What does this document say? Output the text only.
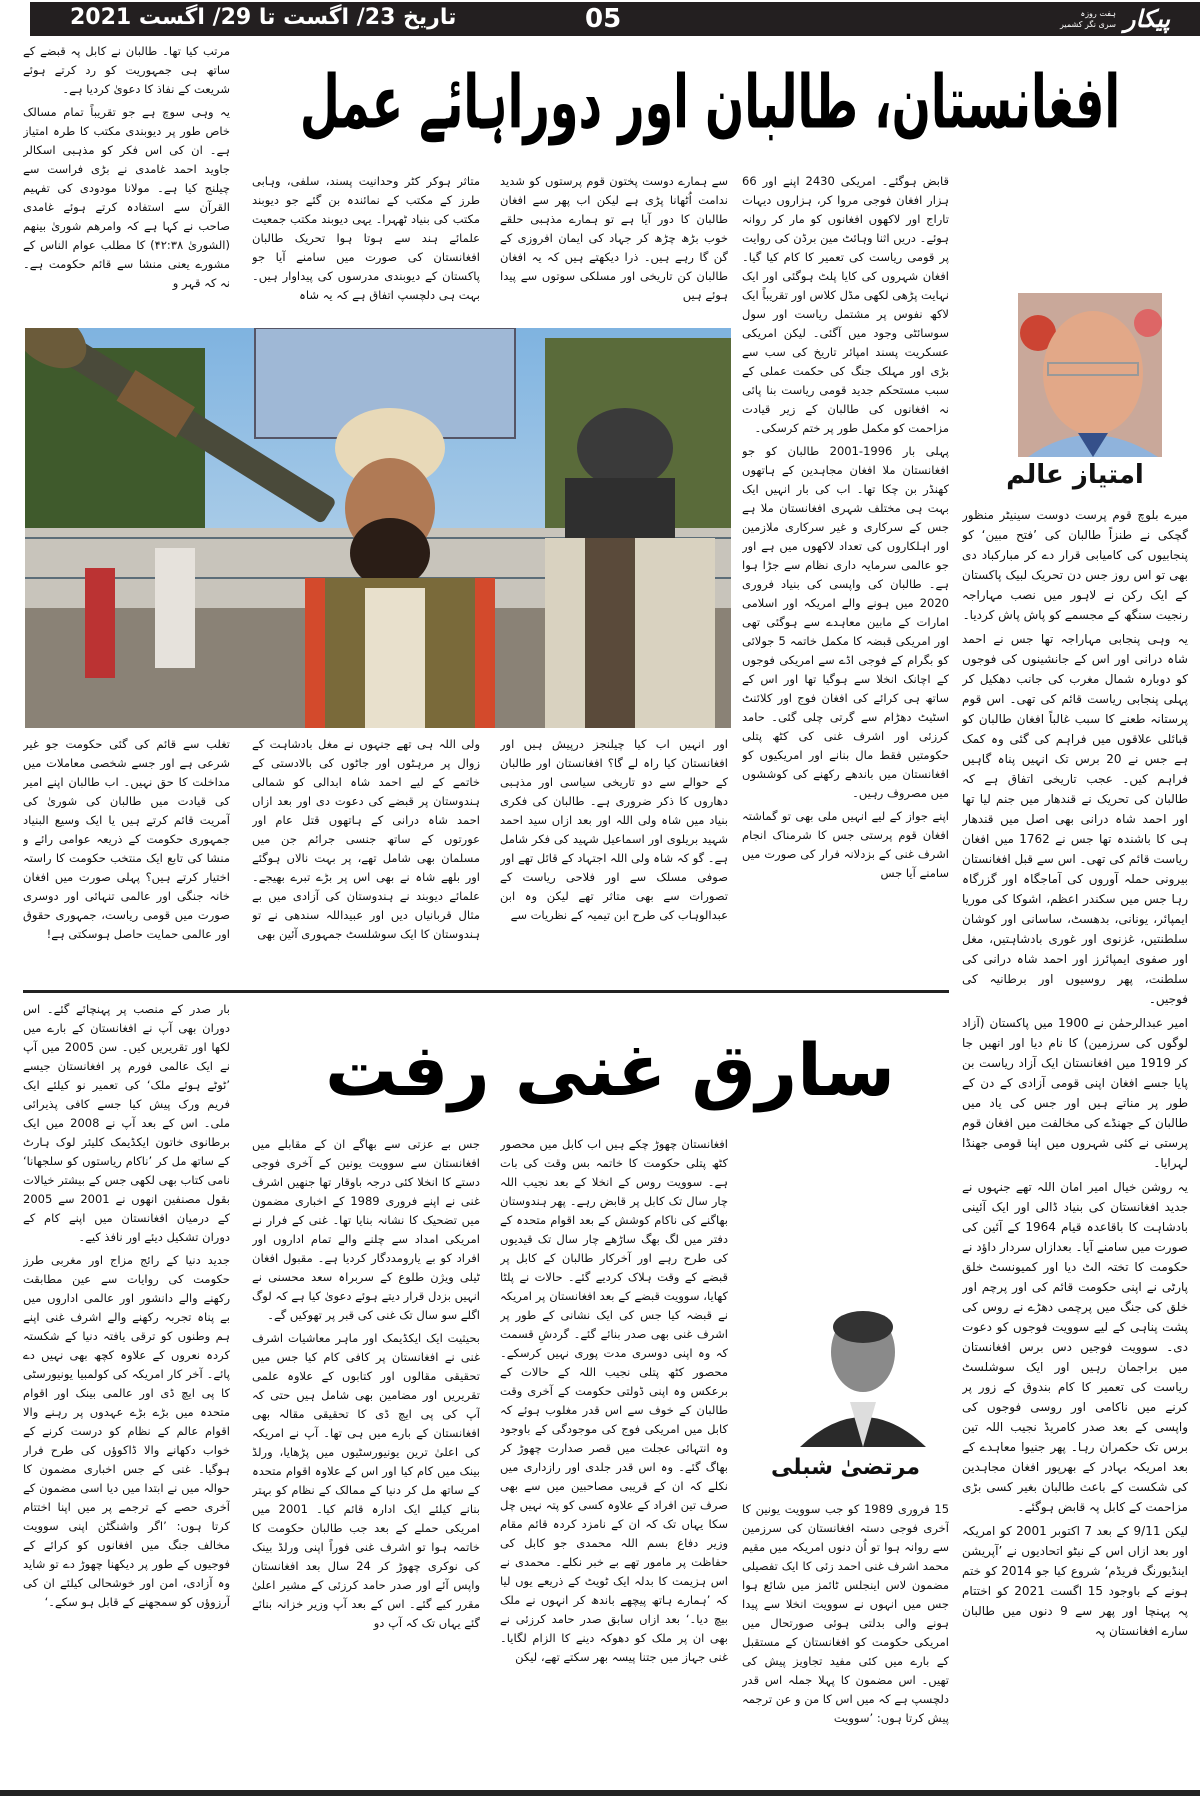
تاریخ 23/ اگست تا 29/ اگست 2021	05	پیکار
ہفت روزہ
سری نگر کشمیر
افغانستان، طالبان اور دوراہائے عمل

مرتب کیا تھا۔ طالبان نے کابل پہ قبضے کے ساتھ ہی جمہوریت کو رد کرتے ہوئے شریعت کے نفاذ کا دعویٰ کردیا ہے۔

یہ وہی سوچ ہے جو تقریباً تمام مسالک خاص طور پر دیوبندی مکتب کا طرہ امتیاز ہے۔ ان کی اس فکر کو مذہبی اسکالر جاوید احمد غامدی نے بڑی فراست سے چیلنج کیا ہے۔ مولانا مودودی کی تفہیم القرآن سے استفادہ کرتے ہوئے غامدی صاحب نے کہا ہے کہ وامرھم شوریٰ بینھم (الشوریٰ ۴۲:۳۸) کا مطلب عوام الناس کے مشورے یعنی منشا سے قائم حکومت ہے۔ نہ کہ قہر و

متاثر ہوکر کٹر وحدانیت پسند، سلفی، وہابی طرز کے مکتب کے نمائندہ بن گئے جو دیوبند مکتب کی بنیاد ٹھہرا۔ یہی دیوبند مکتب جمعیت علمائے ہند سے ہوتا ہوا تحریک طالبان افغانستان کی صورت میں سامنے آیا جو پاکستان کے دیوبندی مدرسوں کی پیداوار ہیں۔ بہت ہی دلچسپ اتفاق ہے کہ یہ شاہ

سے ہمارے دوست پختون قوم پرستوں کو شدید ندامت اُٹھانا پڑی ہے لیکن اب پھر سے افغان طالبان کا دور آیا ہے تو ہمارے مذہبی حلقے خوب بڑھ چڑھ کر جہاد کی ایمان افروزی کے گن گا رہے ہیں۔ ذرا دیکھتے ہیں کہ یہ افغان طالبان کن تاریخی اور مسلکی سوتوں سے پیدا ہوئے ہیں

قابض ہوگئے۔ امریکی 2430 اپنے اور 66 ہزار افغان فوجی مروا کر، ہزاروں دیہات تاراج اور لاکھوں افغانوں کو مار کر روانہ ہوئے۔ دریں اثنا وہائٹ مین برڈن کی روایت پر قومی ریاست کی تعمیر کا کام کیا گیا۔ افغان شہروں کی کایا پلٹ ہوگئی اور ایک نہایت پڑھی لکھی مڈل کلاس اور تقریباً ایک لاکھ نفوس پر مشتمل ریاست اور سول سوسائٹی وجود میں آگئی۔ لیکن امریکی عسکریت پسند امپائر تاریخ کی سب سے بڑی اور مہلک جنگ کی حکمت عملی کے سبب مستحکم جدید قومی ریاست بنا پائی نہ افغانوں کی طالبان کے زیر قیادت مزاحمت کو مکمل طور پر ختم کرسکی۔

پہلی بار 1996-2001 طالبان کو جو افغانستان ملا افغان مجاہدین کے ہاتھوں کھنڈر بن چکا تھا۔ اب کی بار انہیں ایک بہت ہی مختلف شہری افغانستان ملا ہے جس کے سرکاری و غیر سرکاری ملازمین اور اہلکاروں کی تعداد لاکھوں میں ہے اور جو عالمی سرمایہ داری نظام سے جڑا ہوا ہے۔ طالبان کی واپسی کی بنیاد فروری 2020 میں ہونے والے امریکہ اور اسلامی امارات کے مابین معاہدے سے ہوگئی تھی اور امریکی قبضہ کا مکمل خاتمہ 5 جولائی کو بگرام کے فوجی اڈے سے امریکی فوجوں کے اچانک انخلا سے ہوگیا تھا اور اس کے ساتھ ہی کرائے کی افغان فوج اور کلائنٹ اسٹیٹ دھڑام سے گرتی چلی گئی۔ حامد کرزئی اور اشرف غنی کی کٹھ پتلی حکومتیں فقط مال بنانے اور امریکیوں کو افغانستان میں باندھے رکھنے کی کوششوں میں مصروف رہیں۔

اپنے جواز کے لیے انہیں ملی بھی تو گماشتہ افغان قوم پرستی جس کا شرمناک انجام اشرف غنی کے بزدلانہ فرار کی صورت میں سامنے آیا جس

تغلب سے قائم کی گئی حکومت جو غیر شرعی ہے اور جسے شخصی معاملات میں مداخلت کا حق نہیں۔ اب طالبان اپنے امیر کی قیادت میں طالبان کی شوریٰ کی آمریت قائم کرتے ہیں یا ایک وسیع البنیاد جمہوری حکومت کے ذریعہ عوامی رائے و منشا کی تابع ایک منتخب حکومت کا راستہ اختیار کرتے ہیں؟ پہلی صورت میں افغان خانہ جنگی اور عالمی تنہائی اور دوسری صورت میں قومی ریاست، جمہوری حقوق اور عالمی حمایت حاصل ہوسکتی ہے!

ولی اللہ ہی تھے جنہوں نے مغل بادشاہت کے زوال پر مرہٹوں اور جاٹوں کی بالادستی کے خاتمے کے لیے احمد شاہ ابدالی کو شمالی ہندوستان پر قبضے کی دعوت دی اور بعد ازاں احمد شاہ درانی کے ہاتھوں قتل عام اور عورتوں کے ساتھ جنسی جرائم جن میں مسلمان بھی شامل تھے، پر بہت نالاں ہوگئے اور بلھے شاہ نے بھی اس پر بڑے تبرے بھیجے۔ علمائے دیوبند نے ہندوستان کی آزادی میں بے مثال قربانیاں دیں اور عبیداللہ سندھی نے تو ہندوستان کا ایک سوشلسٹ جمہوری آئین بھی

اور انہیں اب کیا چیلنجز درپیش ہیں اور افغانستان کیا راہ لے گا؟ افغانستان اور طالبان کے حوالے سے دو تاریخی سیاسی اور مذہبی دھاروں کا ذکر ضروری ہے۔ طالبان کی فکری بنیاد میں شاہ ولی اللہ اور بعد ازاں سید احمد شہید بریلوی اور اسماعیل شہید کی فکر شامل ہے۔ گو کہ شاہ ولی اللہ اجتہاد کے قائل تھے اور صوفی مسلک سے اور فلاحی ریاست کے تصورات سے بھی متاثر تھے لیکن وہ ابن عبدالوہاب کی طرح ابن تیمیہ کے نظریات سے

امتیاز عالم

میرے بلوچ قوم پرست دوست سینیٹر منظور گچکی نے طنزاً طالبان کی ’فتح مبین‘ کو پنجابیوں کی کامیابی قرار دے کر مبارکباد دی بھی تو اس روز جس دن تحریک لبیک پاکستان کے ایک رکن نے لاہور میں نصب مہاراجہ رنجیت سنگھ کے مجسمے کو پاش پاش کردیا۔

یہ وہی پنجابی مہاراجہ تھا جس نے احمد شاہ درانی اور اس کے جانشینوں کی فوجوں کو دوبارہ شمال مغرب کی جانب دھکیل کر پہلی پنجابی ریاست قائم کی تھی۔ اس قوم پرستانہ طعنے کا سبب غالباً افغان طالبان کو قبائلی علاقوں میں فراہم کی گئی وہ کمک ہے جس نے 20 برس تک انہیں پناہ گاہیں فراہم کیں۔ عجب تاریخی اتفاق ہے کہ طالبان کی تحریک نے قندھار میں جنم لیا تھا اور احمد شاہ درانی بھی اصل میں قندھار ہی کا باشندہ تھا جس نے 1762 میں افغان ریاست قائم کی تھی۔ اس سے قبل افغانستان بیرونی حملہ آوروں کی آماجگاہ اور گزرگاہ رہا جس میں سکندر اعظم، اشوکا کی موریا ایمپائر، یونانی، بدھسٹ، ساسانی اور کوشان سلطنتیں، غزنوی اور غوری بادشاہتیں، مغل اور صفوی ایمپائرز اور احمد شاہ درانی کی سلطنت، پھر روسیوں اور برطانیہ کی فوجیں۔

امیر عبدالرحمٰن نے 1900 میں پاکستان (آزاد لوگوں کی سرزمین) کا نام دیا اور انھیں جا کر 1919 میں افغانستان ایک آزاد ریاست بن پایا جسے افغان اپنی قومی آزادی کے دن کے طور پر مناتے ہیں اور جس کی یاد میں طالبان کے جھنڈے کی مخالفت میں افغان قوم پرستی نے کئی شہروں میں اپنا قومی جھنڈا لہرایا۔

یہ روشن خیال امیر امان اللہ تھے جنہوں نے جدید افغانستان کی بنیاد ڈالی اور ایک آئینی بادشاہت کا باقاعدہ قیام 1964 کے آئین کی صورت میں سامنے آیا۔ بعدازاں سردار داؤد نے حکومت کا تختہ الٹ دیا اور کمیونسٹ خلق پارٹی نے اپنی حکومت قائم کی اور پرچم اور خلق کی جنگ میں پرچمی دھڑے نے روس کی پشت پناہی کے لیے سوویت فوجوں کو دعوت دی۔ سوویت فوجیں دس برس افغانستان میں براجمان رہیں اور ایک سوشلسٹ ریاست کی تعمیر کا کام بندوق کے زور پر کرنے میں ناکامی اور روسی فوجوں کی واپسی کے بعد صدر کامریڈ نجیب اللہ تین برس تک حکمران رہا۔ پھر جنیوا معاہدے کے بعد امریکہ بہادر کے بھرپور افغان مجاہدین کی شکست کے باعث طالبان بغیر کسی بڑی مزاحمت کے کابل پہ قابض ہوگئے۔

لیکن 9/11 کے بعد 7 اکتوبر 2001 کو امریکہ اور بعد ازاں اس کے نیٹو اتحادیوں نے ’آپریشن اینڈیورنگ فریڈم‘ شروع کیا جو 2014 کو ختم ہونے کے باوجود 15 اگست 2021 کو اختتام پہ پہنچا اور پھر سے 9 دنوں میں طالبان سارے افغانستان پہ

سارق غنی رفت

بار صدر کے منصب پر پہنچائے گئے۔ اس دوران بھی آپ نے افغانستان کے بارے میں لکھا اور تقریریں کیں۔ سن 2005 میں آپ نے ایک عالمی فورم پر افغانستان جیسے ’ٹوٹے ہوئے ملک‘ کی تعمیر نو کیلئے ایک فریم ورک پیش کیا جسے کافی پذیرائی ملی۔ اس کے بعد آپ نے 2008 میں ایک برطانوی خاتون ایکڈیمک کلیئر لوک ہارٹ کے ساتھ مل کر ’ناکام ریاستوں کو سلجھانا‘ نامی کتاب بھی لکھی جس کے بیشتر خیالات بقول مصنفین انھوں نے 2001 سے 2005 کے درمیان افغانستان میں اپنے کام کے دوران تشکیل دیئے اور نافذ کیے۔

جدید دنیا کے رائج مزاج اور مغربی طرز حکومت کی روایات سے عین مطابقت رکھنے والے دانشور اور عالمی اداروں میں بے پناہ تجربہ رکھنے والے اشرف غنی اپنے ہم وطنوں کو ترقی یافتہ دنیا کے شکستہ کردہ نعروں کے علاوہ کچھ بھی نہیں دے پائے۔ آخر کار امریکہ کی کولمبیا یونیورسٹی کا پی ایچ ڈی اور عالمی بینک اور اقوام متحدہ میں بڑے بڑے عہدوں پر رہنے والا اقوام عالم کے نظام کو درست کرنے کے خواب دکھانے والا ڈاکوؤں کی طرح فرار ہوگیا۔ غنی کے جس اخباری مضمون کا حوالہ میں نے ابتدا میں دیا اسی مضمون کے آخری حصے کے ترجمے پر میں اپنا اختتام کرتا ہوں: ’اگر واشنگٹن اپنی سوویت مخالف جنگ میں افغانوں کو کرائے کے فوجیوں کے طور پر دیکھنا چھوڑ دے تو شاید وہ آزادی، امن اور خوشحالی کیلئے ان کی آرزوؤں کو سمجھنے کے قابل ہو سکے۔‘

جس بے عزتی سے بھاگے ان کے مقابلے میں افغانستان سے سوویت یونین کے آخری فوجی دستے کا انخلا کئی درجہ باوقار تھا جنھیں اشرف غنی نے اپنے فروری 1989 کے اخباری مضمون میں تضحیک کا نشانہ بنایا تھا۔ غنی کے فرار نے امریکی امداد سے چلنے والے تمام اداروں اور افراد کو بے یارومددگار کردیا ہے۔ مقبول افغان ٹیلی ویژن طلوع کے سربراہ سعد محسنی نے انہیں بزدل قرار دیتے ہوئے دعویٰ کیا ہے کہ لوگ اگلے سو سال تک غنی کی قبر پر تھوکیں گے۔

بحیثیت ایک ایکڈیمک اور ماہر معاشیات اشرف غنی نے افغانستان پر کافی کام کیا جس میں تحقیقی مقالوں اور کتابوں کے علاوہ علمی تقریریں اور مضامین بھی شامل ہیں حتی کہ آپ کی پی ایچ ڈی کا تحقیقی مقالہ بھی افغانستان کے بارے میں ہی تھا۔ آپ نے امریکہ کی اعلیٰ ترین یونیورسٹیوں میں پڑھایا، ورلڈ بینک میں کام کیا اور اس کے علاوہ اقوام متحدہ کے ساتھ مل کر دنیا کے ممالک کے نظام کو بہتر بنانے کیلئے ایک ادارہ قائم کیا۔ 2001 میں امریکی حملے کے بعد جب طالبان حکومت کا خاتمہ ہوا تو اشرف غنی فوراً اپنی ورلڈ بینک کی نوکری چھوڑ کر 24 سال بعد افغانستان واپس آئے اور صدر حامد کرزئی کے مشیر اعلیٰ مقرر کیے گئے۔ اس کے بعد آپ وزیر خزانہ بنائے گئے یہاں تک کہ آپ دو

افغانستان چھوڑ چکے ہیں اب کابل میں محصور کٹھ پتلی حکومت کا خاتمہ بس وقت کی بات ہے۔ سوویت روس کے انخلا کے بعد نجیب اللہ چار سال تک کابل پر قابض رہے۔ پھر ہندوستان بھاگنے کی ناکام کوشش کے بعد اقوام متحدہ کے دفتر میں لگ بھگ ساڑھے چار سال تک قیدیوں کی طرح رہے اور آخرکار طالبان کے کابل پر قبضے کے وقت ہلاک کردیے گئے۔ حالات نے پلٹا کھایا، سوویت قبضے کے بعد افغانستان پر امریکہ نے قبضہ کیا جس کی ایک نشانی کے طور پر اشرف غنی بھی صدر بنائے گئے۔ گردشِ قسمت کہ وہ اپنی دوسری مدت پوری نہیں کرسکے۔ محصور کٹھ پتلی نجیب اللہ کے حالات کے برعکس وہ اپنی ڈولتی حکومت کے آخری وقت طالبان کے خوف سے اس قدر مغلوب ہوئے کہ کابل میں امریکی فوج کی موجودگی کے باوجود وہ انتہائی عجلت میں قصر صدارت چھوڑ کر بھاگ گئے۔ وہ اس قدر جلدی اور رازداری میں نکلے کہ ان کے قریبی مصاحبین میں سے بھی صرف تین افراد کے علاوہ کسی کو پتہ نہیں چل سکا یہاں تک کہ ان کے نامزد کردہ قائم مقام وزیر دفاع بسم اللہ محمدی جو کابل کی حفاظت پر مامور تھے بے خبر نکلے۔ محمدی نے اس ہزیمت کا بدلہ ایک ٹویٹ کے ذریعے یوں لیا کہ ’ہمارے ہاتھ پیچھے باندھ کر انہوں نے ملک بیچ دیا۔‘ بعد ازاں سابق صدر حامد کرزئی نے بھی ان پر ملک کو دھوکہ دینے کا الزام لگایا۔ غنی جہاز میں جتنا پیسہ بھر سکتے تھے، لیکن

مرتضیٰ شبلی

15 فروری 1989 کو جب سوویت یونین کا آخری فوجی دستہ افغانستان کی سرزمین سے روانہ ہوا تو اُن دنوں امریکہ میں مقیم محمد اشرف غنی احمد زئی کا ایک تفصیلی مضمون لاس اینجلس ٹائمز میں شائع ہوا جس میں انہوں نے سوویت انخلا سے پیدا ہونے والی بدلتی ہوئی صورتحال میں امریکی حکومت کو افغانستان کے مستقبل کے بارے میں کئی مفید تجاویز پیش کی تھیں۔ اس مضمون کا پہلا جملہ اس قدر دلچسپ ہے کہ میں اس کا من و عن ترجمہ پیش کرتا ہوں: ’سوویت
